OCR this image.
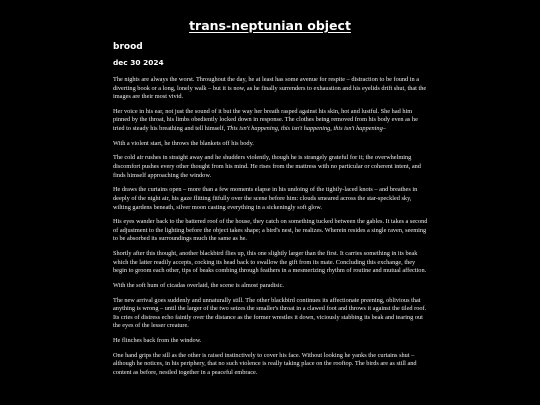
trans-neptunian object
brood
dec 30 2024

The nights are always the worst. Throughout the day, he at least has some avenue for respite – distraction to be found in a diverting book or a long, lonely walk – but it is now, as he finally surrenders to exhaustion and his eyelids drift shut, that the images are their most vivid.

Her voice in his ear, not just the sound of it but the way her breath rasped against his skin, hot and lustful. She had him pinned by the throat, his limbs obediently locked down in response. The clothes being removed from his body even as he tried to steady his breathing and tell himself, This isn't happening, this isn't happening, this isn't happening–

With a violent start, he throws the blankets off his body.

The cold air rushes in straight away and he shudders violently, though he is strangely grateful for it; the overwhelming discomfort pushes every other thought from his mind. He rises from the mattress with no particular or coherent intent, and finds himself approaching the window.

He draws the curtains open – more than a few moments elapse in his undoing of the tightly-laced knots – and breathes in deeply of the night air, his gaze flitting fitfully over the scene before him: clouds smeared across the star-speckled sky, wilting gardens beneath, silver moon casting everything in a sickeningly soft glow.

His eyes wander back to the battered roof of the house, they catch on something tucked between the gables. It takes a second of adjustment to the lighting before the object takes shape; a bird's nest, he realizes. Wherein resides a single raven, seeming to be absorbed its surroundings much the same as he.

Shortly after this thought, another blackbird flies up, this one slightly larger than the first. It carries something in its beak which the latter readily accepts, cocking its head back to swallow the gift from its mate. Concluding this exchange, they begin to groom each other, tips of beaks combing through feathers in a mesmerizing rhythm of routine and mutual affection.

With the soft hum of cicadas overlaid, the scene is almost paradisic.

The new arrival goes suddenly and unnaturally still. The other blackbird continues its affectionate preening, oblivious that anything is wrong – until the larger of the two seizes the smaller's throat in a clawed foot and throws it against the tiled roof. Its cries of distress echo faintly over the distance as the former wrestles it down, viciously stabbing its beak and tearing out the eyes of the lesser creature.

He flinches back from the window.

One hand grips the sill as the other is raised instinctively to cover his face. Without looking he yanks the curtains shut – although he notices, in his periphery, that no such violence is really taking place on the rooftop. The birds are as still and content as before, nestled together in a peaceful embrace.
